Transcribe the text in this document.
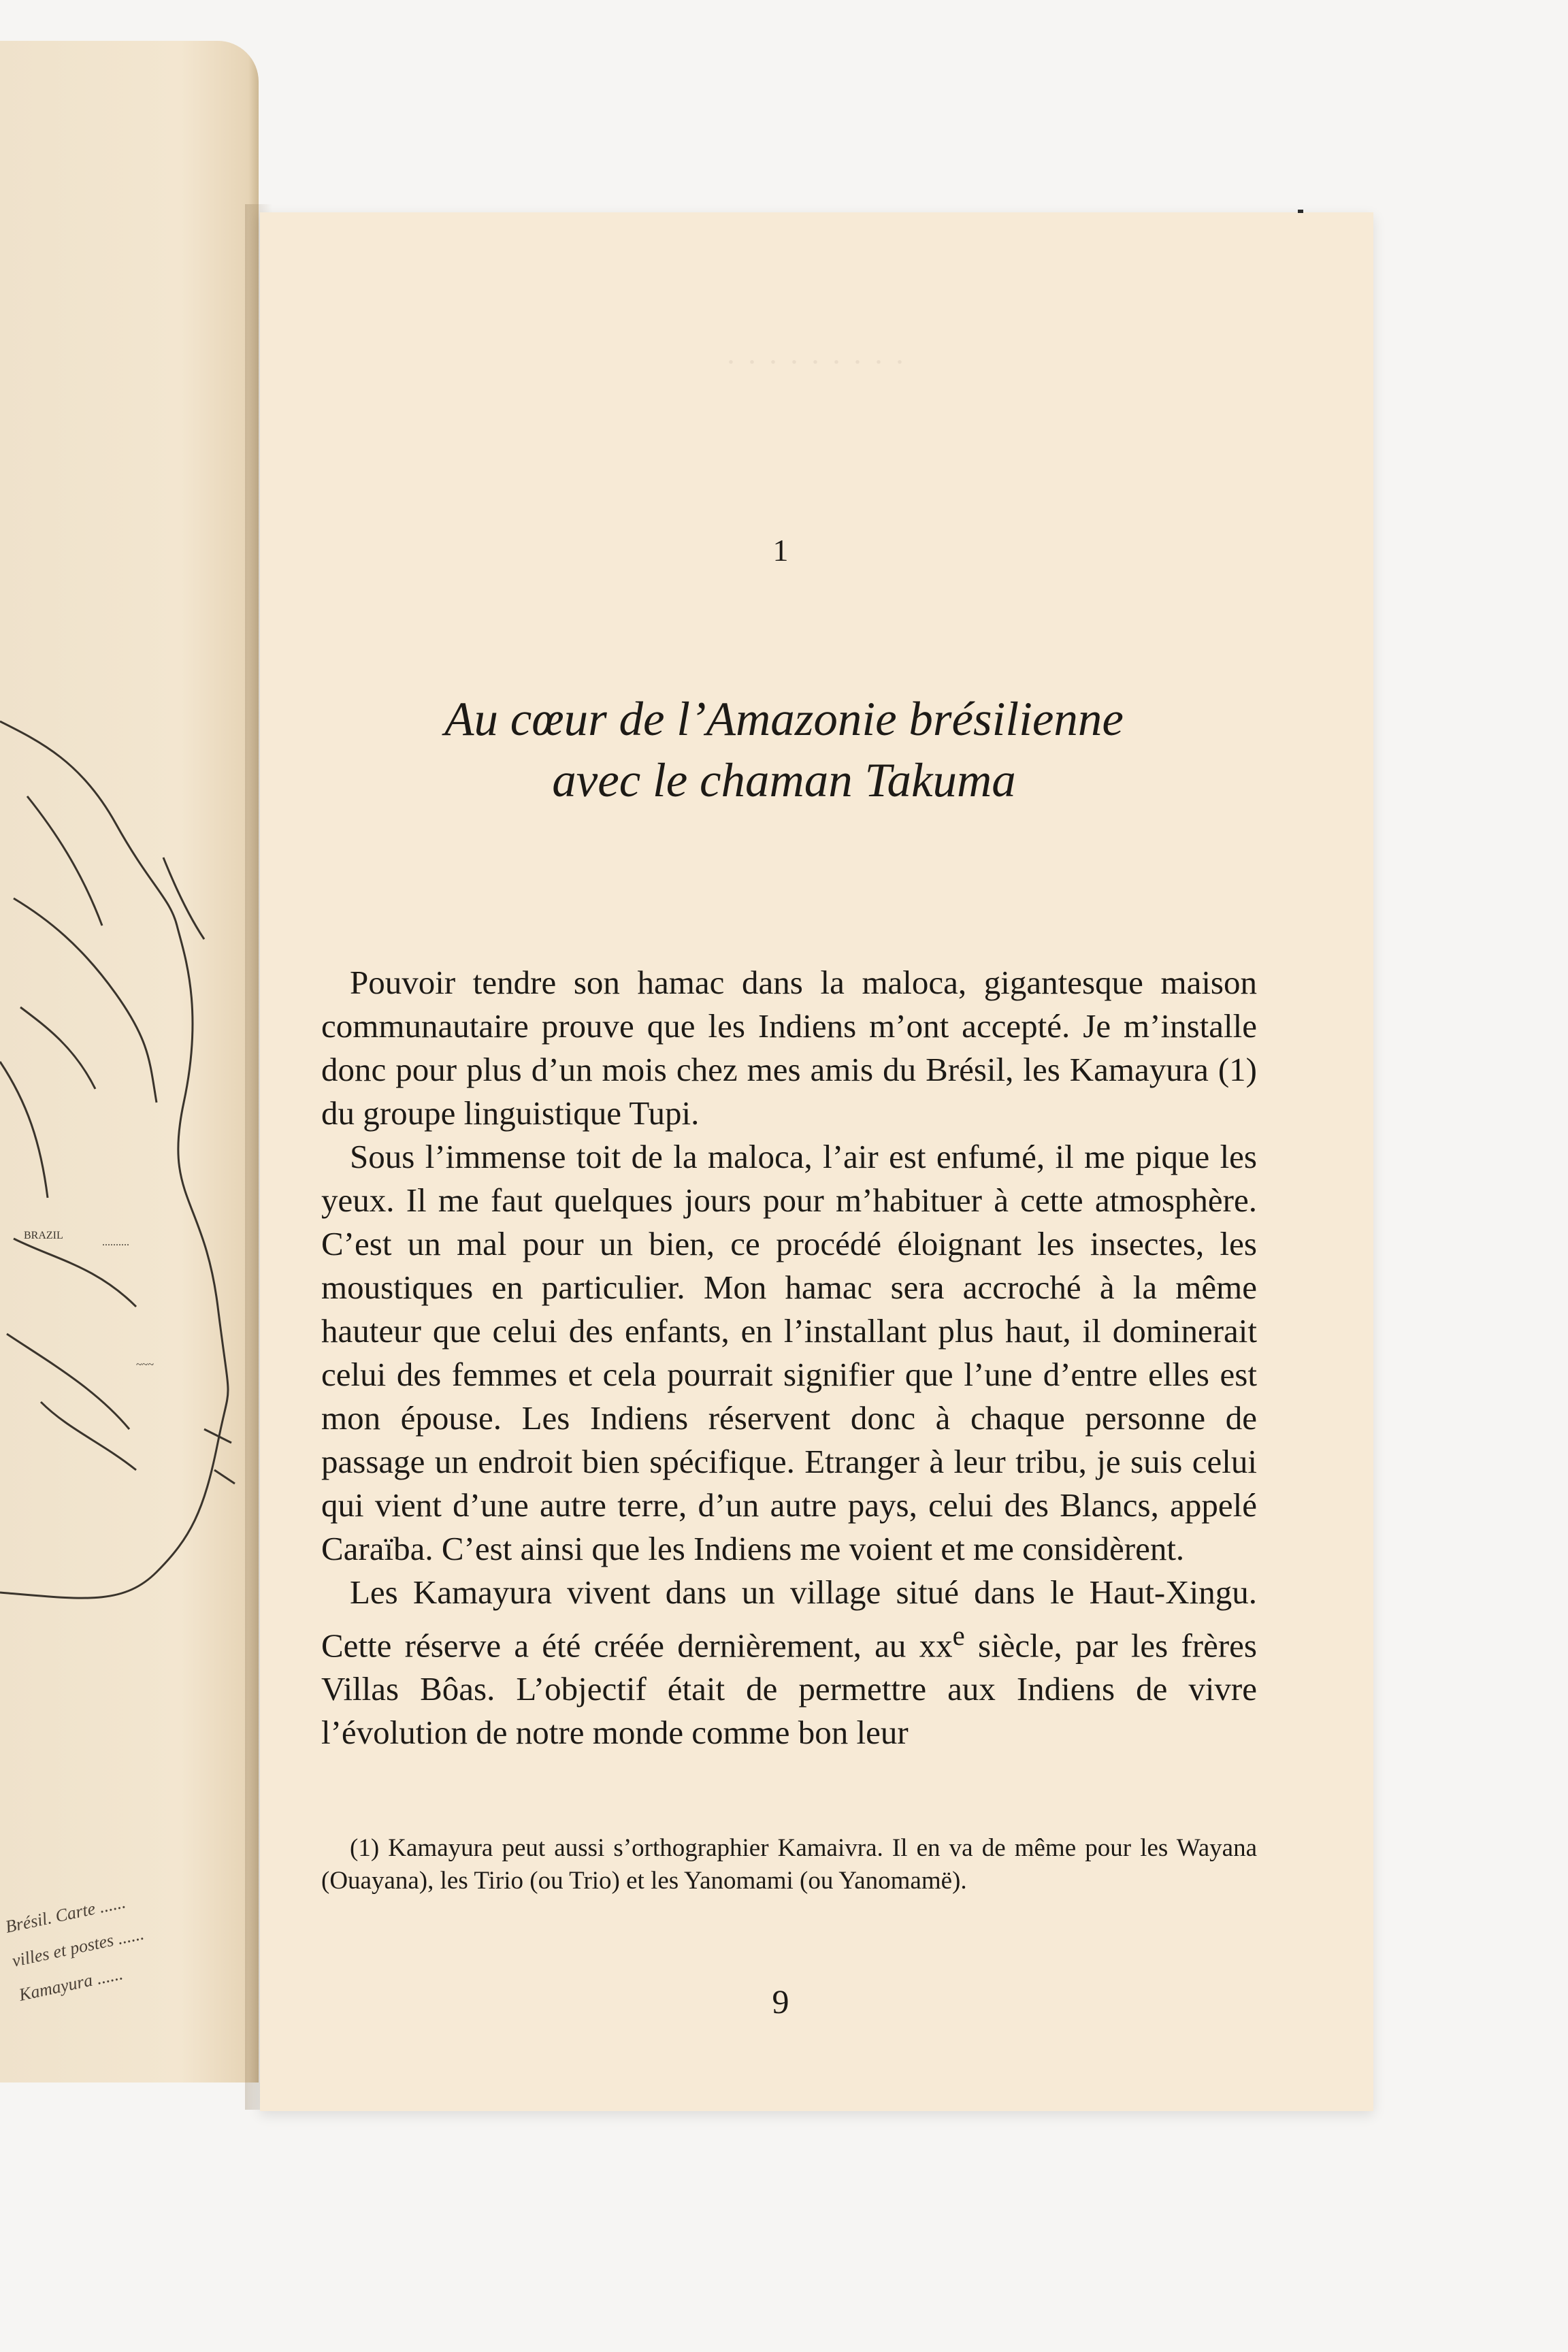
BRAZIL
..........
~~~
Brésil. Carte ......
villes et postes ......
Kamayura ......
. . . . . . . . .
1
Au cœur de l’Amazonie brésilienne
avec le chaman Takuma

Pouvoir tendre son hamac dans la maloca, gigantesque maison communautaire prouve que les Indiens m’ont accepté. Je m’installe donc pour plus d’un mois chez mes amis du Brésil, les Kamayura (1) du groupe linguistique Tupi.

Sous l’immense toit de la maloca, l’air est enfumé, il me pique les yeux. Il me faut quelques jours pour m’habituer à cette atmosphère. C’est un mal pour un bien, ce procédé éloignant les insectes, les moustiques en particulier. Mon hamac sera accroché à la même hauteur que celui des enfants, en l’installant plus haut, il dominerait celui des femmes et cela pourrait signifier que l’une d’entre elles est mon épouse. Les Indiens réservent donc à chaque personne de passage un endroit bien spécifique. Etranger à leur tribu, je suis celui qui vient d’une autre terre, d’un autre pays, celui des Blancs, appelé Caraïba. C’est ainsi que les Indiens me voient et me considèrent.

Les Kamayura vivent dans un village situé dans le Haut-Xingu. Cette réserve a été créée dernièrement, au $xx^e$ siècle, par les frères Villas Bôas. L’objectif était de permettre aux Indiens de vivre l’évolution de notre monde comme bon leur

(1) Kamayura peut aussi s’orthographier Kamaivra. Il en va de même pour les Wayana (Ouayana), les Tirio (ou Trio) et les Yanomami (ou Yanomamë).
9
